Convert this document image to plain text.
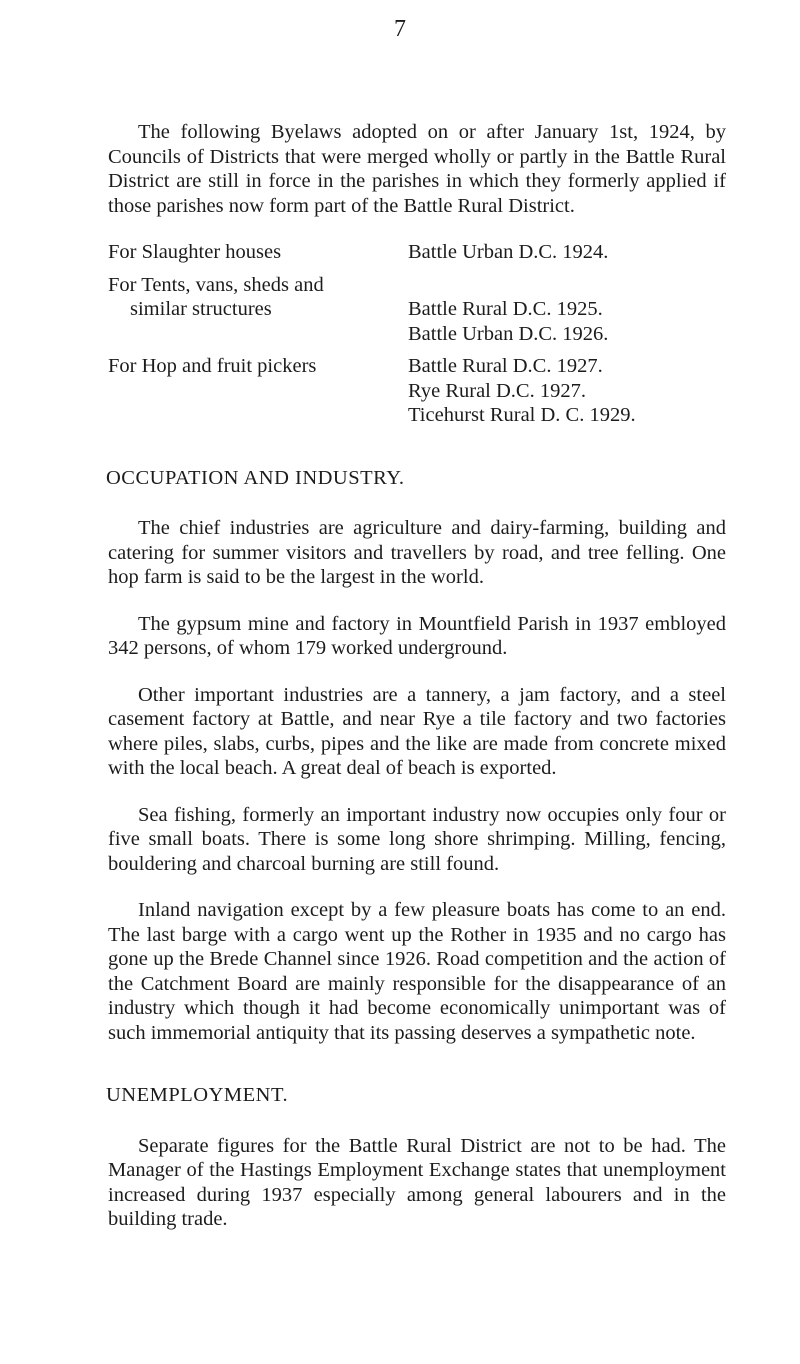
7

The following Byelaws adopted on or after January 1st, 1924, by Councils of Districts that were merged wholly or partly in the Battle Rural District are still in force in the parishes in which they formerly applied if those parishes now form part of the Battle Rural District.

For Slaughter houses	Battle Urban D.C. 1924.
For Tents, vans, sheds and
similar structures	Battle Rural D.C. 1925.
Battle Urban D.C. 1926.
For Hop and fruit pickers	Battle Rural D.C. 1927.
Rye Rural D.C. 1927.
Ticehurst Rural D. C. 1929.
OCCUPATION AND INDUSTRY.

The chief industries are agriculture and dairy-farming, building and catering for summer visitors and travellers by road, and tree felling. One hop farm is said to be the largest in the world.

The gypsum mine and factory in Mountfield Parish in 1937 embloyed 342 persons, of whom 179 worked underground.

Other important industries are a tannery, a jam factory, and a steel casement factory at Battle, and near Rye a tile factory and two factories where piles, slabs, curbs, pipes and the like are made from concrete mixed with the local beach. A great deal of beach is exported.

Sea fishing, formerly an important industry now occupies only four or five small boats. There is some long shore shrimping. Milling, fencing, bouldering and charcoal burning are still found.

Inland navigation except by a few pleasure boats has come to an end. The last barge with a cargo went up the Rother in 1935 and no cargo has gone up the Brede Channel since 1926. Road competition and the action of the Catchment Board are mainly responsible for the disappearance of an industry which though it had become economically unimportant was of such immemorial antiquity that its passing deserves a sympathetic note.

UNEMPLOYMENT.

Separate figures for the Battle Rural District are not to be had. The Manager of the Hastings Employment Exchange states that unemployment increased during 1937 especially among general labourers and in the building trade.
